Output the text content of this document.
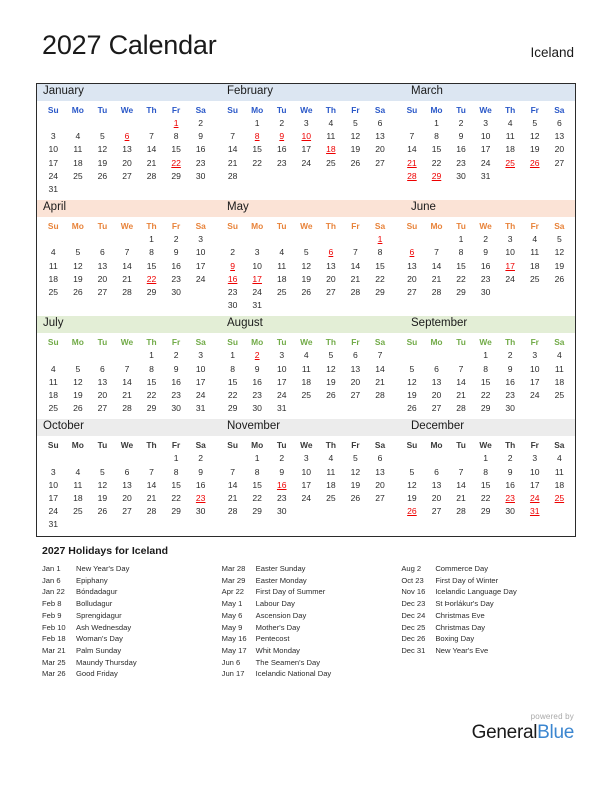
2027 Calendar	Iceland
January	February	March
Su	Mo	Tu	We	Th	Fr	Sa
					1	2
3	4	5	6	7	8	9
10	11	12	13	14	15	16
17	18	19	20	21	22	23
24	25	26	27	28	29	30
31						
Su	Mo	Tu	We	Th	Fr	Sa
	1	2	3	4	5	6
7	8	9	10	11	12	13
14	15	16	17	18	19	20
21	22	23	24	25	26	27
28						
Su	Mo	Tu	We	Th	Fr	Sa
	1	2	3	4	5	6
7	8	9	10	11	12	13
14	15	16	17	18	19	20
21	22	23	24	25	26	27
28	29	30	31			
April	May	June
Su	Mo	Tu	We	Th	Fr	Sa
				1	2	3
4	5	6	7	8	9	10
11	12	13	14	15	16	17
18	19	20	21	22	23	24
25	26	27	28	29	30	
Su	Mo	Tu	We	Th	Fr	Sa
						1
2	3	4	5	6	7	8
9	10	11	12	13	14	15
16	17	18	19	20	21	22
23	24	25	26	27	28	29
30	31					
Su	Mo	Tu	We	Th	Fr	Sa
		1	2	3	4	5
6	7	8	9	10	11	12
13	14	15	16	17	18	19
20	21	22	23	24	25	26
27	28	29	30			
July	August	September
Su	Mo	Tu	We	Th	Fr	Sa
				1	2	3
4	5	6	7	8	9	10
11	12	13	14	15	16	17
18	19	20	21	22	23	24
25	26	27	28	29	30	31
Su	Mo	Tu	We	Th	Fr	Sa
1	2	3	4	5	6	7
8	9	10	11	12	13	14
15	16	17	18	19	20	21
22	23	24	25	26	27	28
29	30	31				
Su	Mo	Tu	We	Th	Fr	Sa
			1	2	3	4
5	6	7	8	9	10	11
12	13	14	15	16	17	18
19	20	21	22	23	24	25
26	27	28	29	30		
October	November	December
Su	Mo	Tu	We	Th	Fr	Sa
					1	2
3	4	5	6	7	8	9
10	11	12	13	14	15	16
17	18	19	20	21	22	23
24	25	26	27	28	29	30
31						
Su	Mo	Tu	We	Th	Fr	Sa
	1	2	3	4	5	6
7	8	9	10	11	12	13
14	15	16	17	18	19	20
21	22	23	24	25	26	27
28	29	30				
Su	Mo	Tu	We	Th	Fr	Sa
			1	2	3	4
5	6	7	8	9	10	11
12	13	14	15	16	17	18
19	20	21	22	23	24	25
26	27	28	29	30	31	
2027 Holidays for Iceland
Jan 1	New Year's Day
Jan 6	Epiphany
Jan 22	Bóndadagur
Feb 8	Bolludagur
Feb 9	Sprengidagur
Feb 10	Ash Wednesday
Feb 18	Woman's Day
Mar 21	Palm Sunday
Mar 25	Maundy Thursday
Mar 26	Good Friday
Mar 28	Easter Sunday
Mar 29	Easter Monday
Apr 22	First Day of Summer
May 1	Labour Day
May 6	Ascension Day
May 9	Mother's Day
May 16	Pentecost
May 17	Whit Monday
Jun 6	The Seamen's Day
Jun 17	Icelandic National Day
Aug 2	Commerce Day
Oct 23	First Day of Winter
Nov 16	Icelandic Language Day
Dec 23	St Þorlákur's Day
Dec 24	Christmas Eve
Dec 25	Christmas Day
Dec 26	Boxing Day
Dec 31	New Year's Eve
powered by
GeneralBlue
